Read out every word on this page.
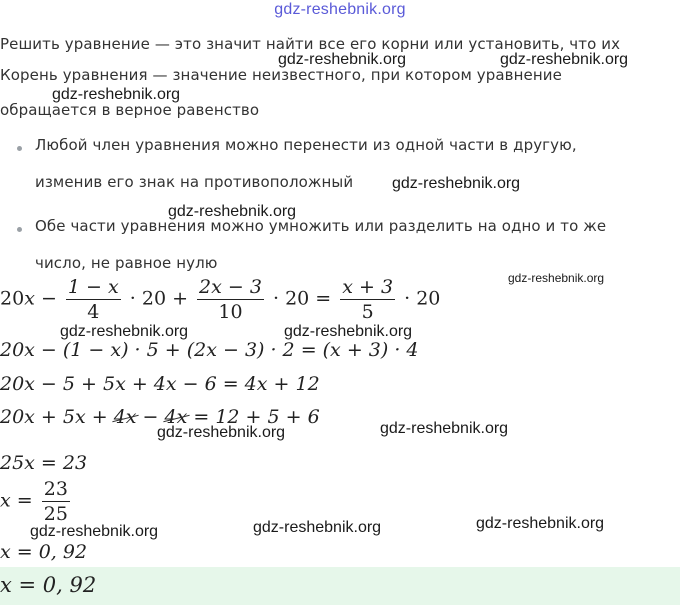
gdz-reshebnik.org
Решить уравнение — это значит найти все его корни или установить, что их
Корень уравнения — значение неизвестного, при котором уравнение
обращается в верное равенство
Любой член уравнения можно перенести из одной части в другую,
изменив его знак на противоположный
Обе части уравнения можно умножить или разделить на одно и то же
число, не равное нулю
$20x - \frac{1 - x}{4} \cdot 20 + \frac{2x - 3}{10} \cdot 20 = \frac{x + 3}{5} \cdot 20$
20x − (1 − x) · 5 + (2x − 3) · 2 = (x + 3) · 4
20x − 5 + 5x + 4x − 6 = 4x + 12
20x + 5x + 4x − 4x = 12 + 5 + 6
25x = 23
$x = \frac{23}{25}$
x = 0, 92
x = 0, 92
gdz-reshebnik.org	gdz-reshebnik.org
gdz-reshebnik.org
gdz-reshebnik.org
gdz-reshebnik.org
gdz-reshebnik.org
gdz-reshebnik.org	gdz-reshebnik.org
gdz-reshebnik.org	gdz-reshebnik.org
gdz-reshebnik.org	gdz-reshebnik.org	gdz-reshebnik.org
